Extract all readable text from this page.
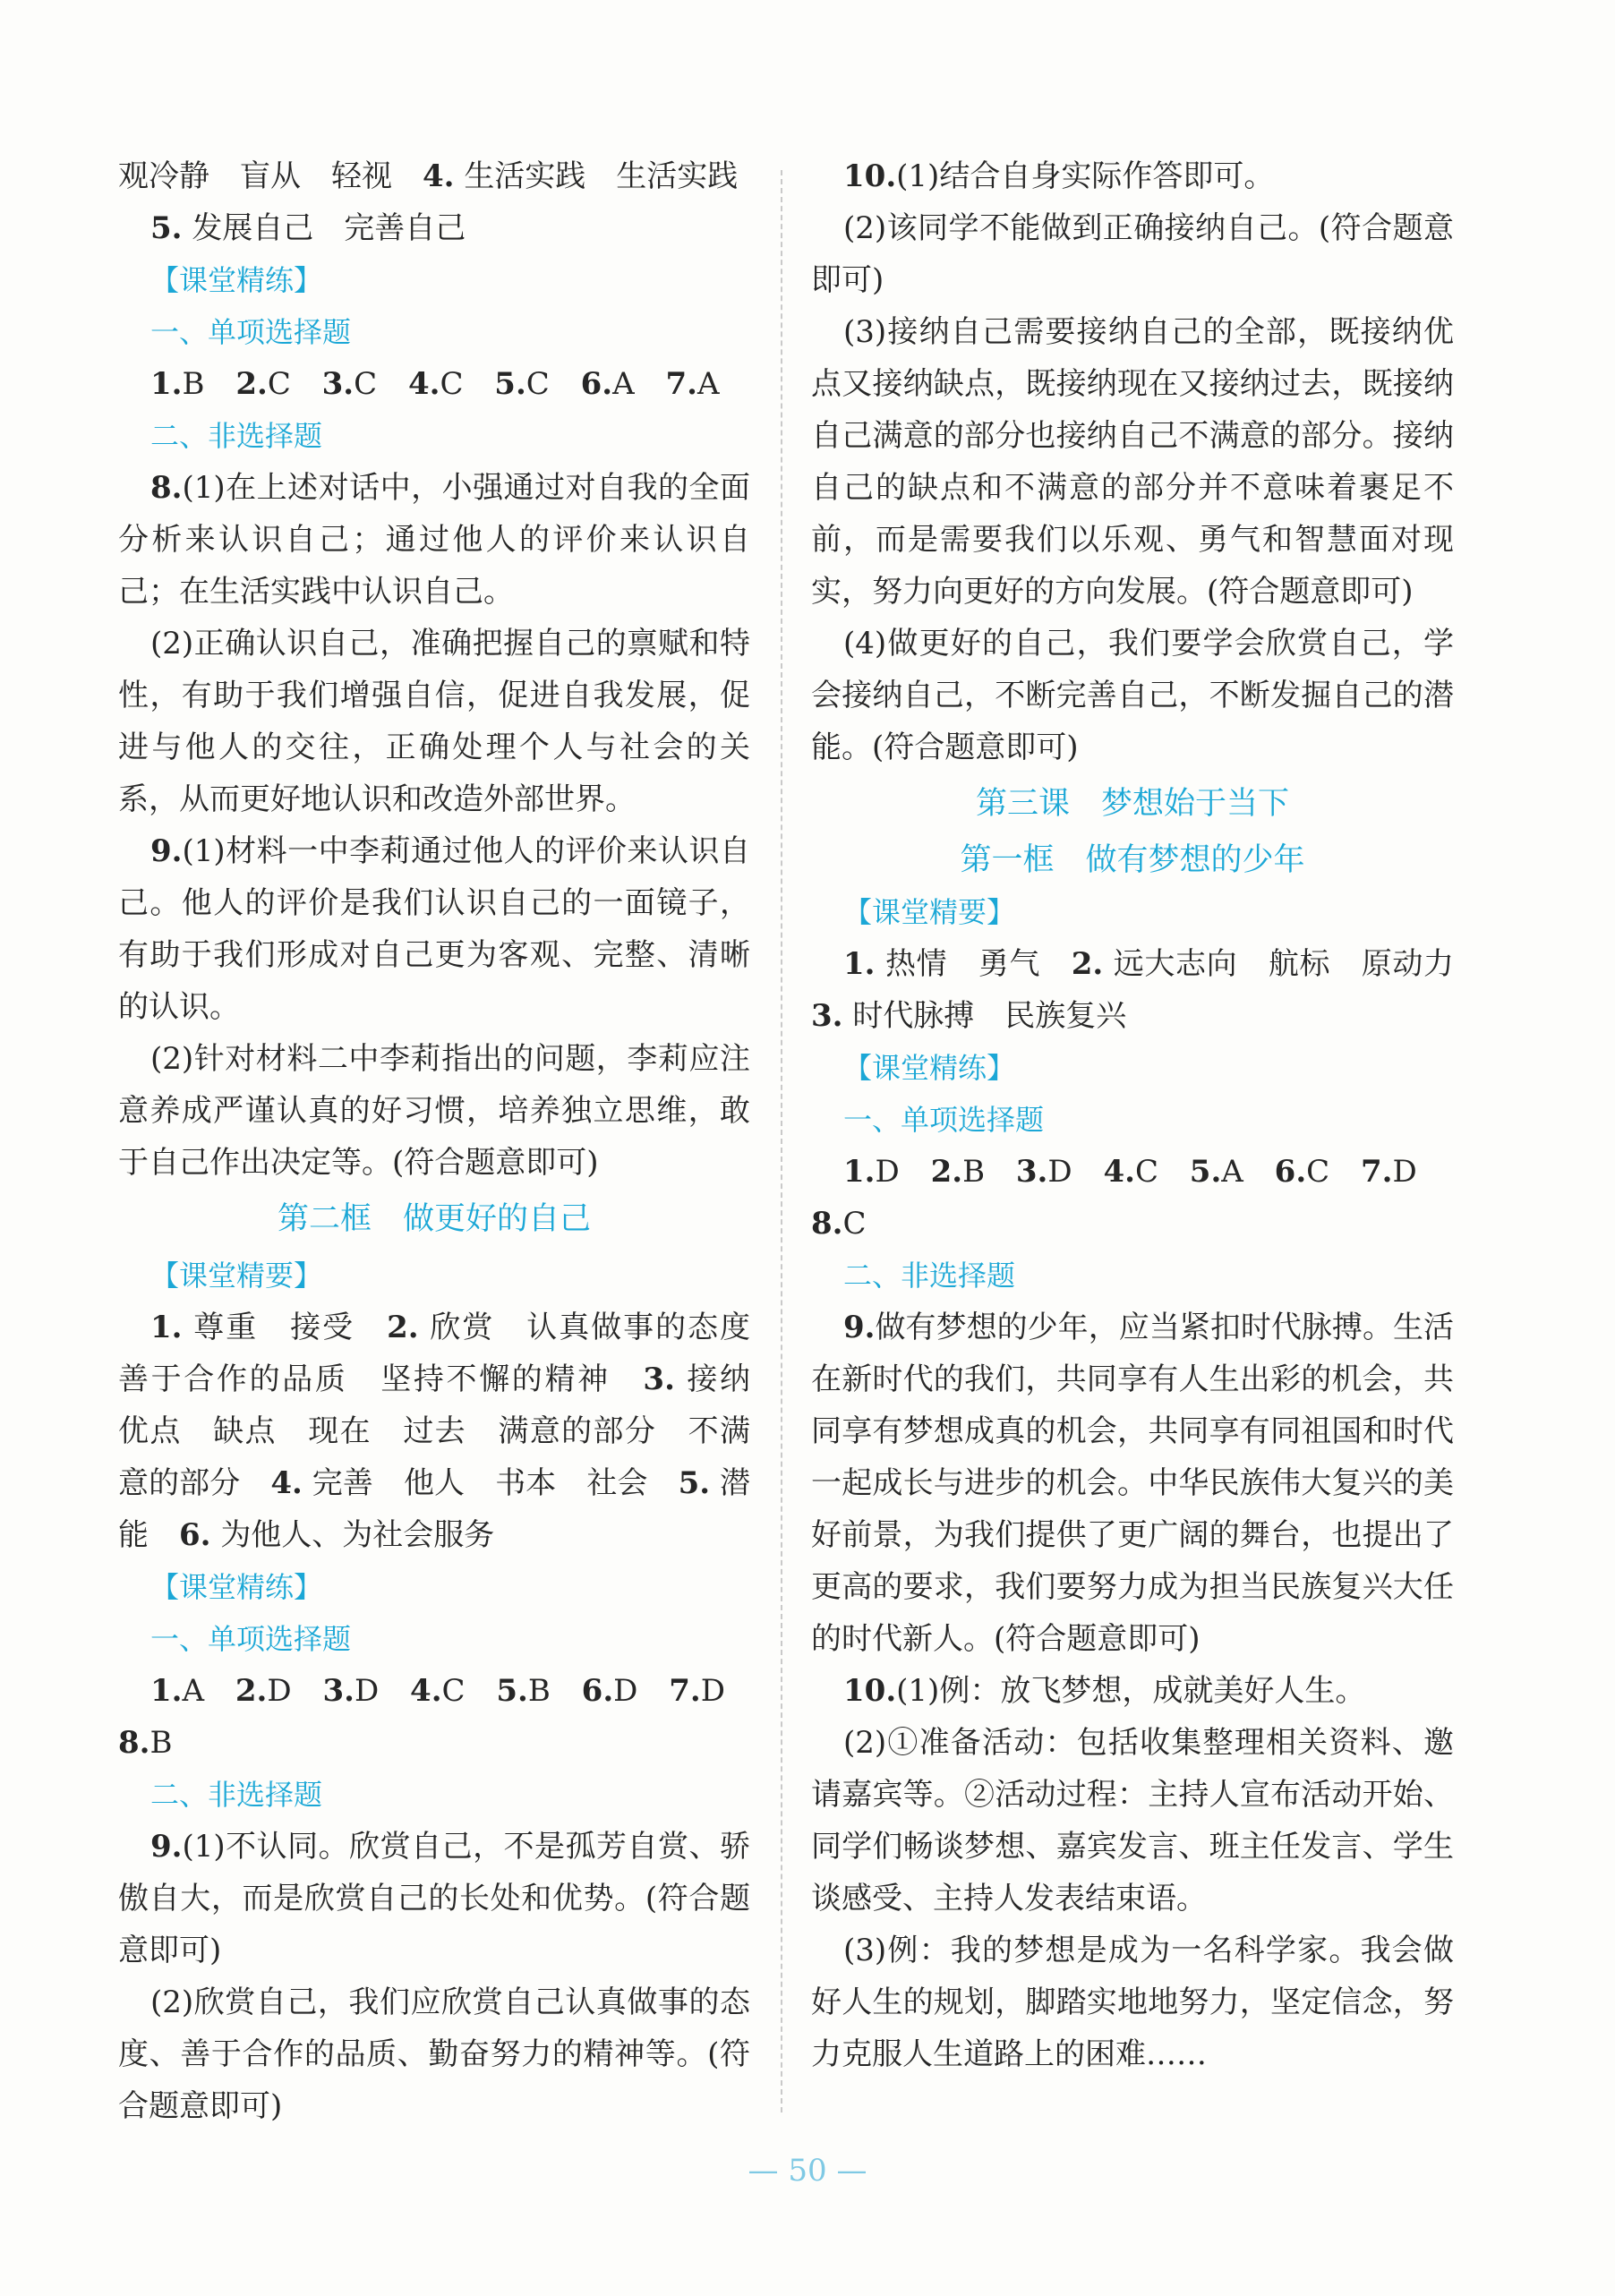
观冷静　盲从　轻视　 4. 生活实践　生活实践

5. 发展自己　完善自己

【课堂精练】
一、单项选择题

1.B 2.C 3.C 4.C 5.C 6.A 7.A

二、非选择题

8.(1)在上述对话中，小强通过对自我的全面分析来认识自己；通过他人的评价来认识自己；在生活实践中认识自己。

(2)正确认识自己，准确把握自己的禀赋和特性，有助于我们增强自信，促进自我发展，促进与他人的交往，正确处理个人与社会的关系，从而更好地认识和改造外部世界。

9.(1)材料一中李莉通过他人的评价来认识自己。他人的评价是我们认识自己的一面镜子，有助于我们形成对自己更为客观、完整、清晰的认识。

(2)针对材料二中李莉指出的问题，李莉应注意养成严谨认真的好习惯，培养独立思维，敢于自己作出决定等。(符合题意即可)

第二框　做更好的自己
【课堂精要】

1. 尊重　接受　 2. 欣赏　认真做事的态度　善于合作的品质　坚持不懈的精神　 3. 接纳　优点　缺点　现在　过去　满意的部分　不满意的部分　 4. 完善　他人　书本　社会　 5. 潜能　 6. 为他人、为社会服务

【课堂精练】
一、单项选择题

1.A 2.D 3.D 4.C 5.B 6.D 7.D

8.B

二、非选择题

9.(1)不认同。欣赏自己，不是孤芳自赏、骄傲自大，而是欣赏自己的长处和优势。(符合题意即可)

(2)欣赏自己，我们应欣赏自己认真做事的态度、善于合作的品质、勤奋努力的精神等。(符合题意即可)

10.(1)结合自身实际作答即可。

(2)该同学不能做到正确接纳自己。(符合题意即可)

(3)接纳自己需要接纳自己的全部，既接纳优点又接纳缺点，既接纳现在又接纳过去，既接纳自己满意的部分也接纳自己不满意的部分。接纳自己的缺点和不满意的部分并不意味着裹足不前，而是需要我们以乐观、勇气和智慧面对现实，努力向更好的方向发展。(符合题意即可)

(4)做更好的自己，我们要学会欣赏自己，学会接纳自己，不断完善自己，不断发掘自己的潜能。(符合题意即可)

第三课　梦想始于当下
第一框　做有梦想的少年
【课堂精要】

1. 热情　勇气　 2. 远大志向　航标　原动力　3. 时代脉搏　民族复兴

【课堂精练】
一、单项选择题

1.D 2.B 3.D 4.C 5.A 6.C 7.D

8.C

二、非选择题

9.做有梦想的少年，应当紧扣时代脉搏。生活在新时代的我们，共同享有人生出彩的机会，共同享有梦想成真的机会，共同享有同祖国和时代一起成长与进步的机会。中华民族伟大复兴的美好前景，为我们提供了更广阔的舞台，也提出了更高的要求，我们要努力成为担当民族复兴大任的时代新人。(符合题意即可)

10.(1)例：放飞梦想，成就美好人生。

(2)①准备活动：包括收集整理相关资料、邀请嘉宾等。②活动过程：主持人宣布活动开始、同学们畅谈梦想、嘉宾发言、班主任发言、学生谈感受、主持人发表结束语。

(3)例：我的梦想是成为一名科学家。我会做好人生的规划，脚踏实地地努力，坚定信念，努力克服人生道路上的困难……

— 50 —
